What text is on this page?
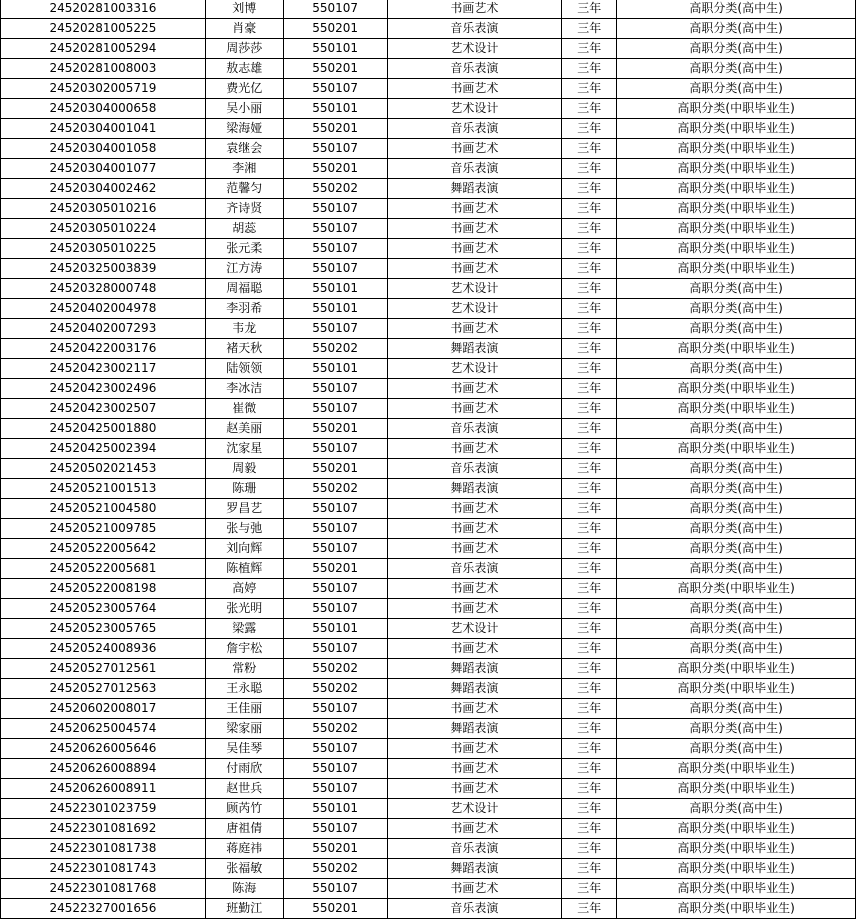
24520281003316	刘博	550107	书画艺术	三年	高职分类(高中生)
24520281005225	肖豪	550201	音乐表演	三年	高职分类(高中生)
24520281005294	周莎莎	550101	艺术设计	三年	高职分类(高中生)
24520281008003	敖志雄	550201	音乐表演	三年	高职分类(高中生)
24520302005719	费光亿	550107	书画艺术	三年	高职分类(高中生)
24520304000658	吴小丽	550101	艺术设计	三年	高职分类(中职毕业生)
24520304001041	梁海娅	550201	音乐表演	三年	高职分类(中职毕业生)
24520304001058	袁继会	550107	书画艺术	三年	高职分类(中职毕业生)
24520304001077	李湘	550201	音乐表演	三年	高职分类(中职毕业生)
24520304002462	范馨匀	550202	舞蹈表演	三年	高职分类(中职毕业生)
24520305010216	齐诗贤	550107	书画艺术	三年	高职分类(中职毕业生)
24520305010224	胡蕊	550107	书画艺术	三年	高职分类(中职毕业生)
24520305010225	张元柔	550107	书画艺术	三年	高职分类(中职毕业生)
24520325003839	江方涛	550107	书画艺术	三年	高职分类(中职毕业生)
24520328000748	周福聪	550101	艺术设计	三年	高职分类(高中生)
24520402004978	李羽希	550101	艺术设计	三年	高职分类(高中生)
24520402007293	韦龙	550107	书画艺术	三年	高职分类(高中生)
24520422003176	褚天秋	550202	舞蹈表演	三年	高职分类(中职毕业生)
24520423002117	陆领领	550101	艺术设计	三年	高职分类(高中生)
24520423002496	李冰洁	550107	书画艺术	三年	高职分类(中职毕业生)
24520423002507	崔微	550107	书画艺术	三年	高职分类(中职毕业生)
24520425001880	赵美丽	550201	音乐表演	三年	高职分类(高中生)
24520425002394	沈家星	550107	书画艺术	三年	高职分类(中职毕业生)
24520502021453	周毅	550201	音乐表演	三年	高职分类(高中生)
24520521001513	陈珊	550202	舞蹈表演	三年	高职分类(高中生)
24520521004580	罗昌艺	550107	书画艺术	三年	高职分类(高中生)
24520521009785	张与弛	550107	书画艺术	三年	高职分类(高中生)
24520522005642	刘向辉	550107	书画艺术	三年	高职分类(高中生)
24520522005681	陈植辉	550201	音乐表演	三年	高职分类(高中生)
24520522008198	高婷	550107	书画艺术	三年	高职分类(中职毕业生)
24520523005764	张光明	550107	书画艺术	三年	高职分类(高中生)
24520523005765	梁露	550101	艺术设计	三年	高职分类(高中生)
24520524008936	詹宇松	550107	书画艺术	三年	高职分类(高中生)
24520527012561	常粉	550202	舞蹈表演	三年	高职分类(中职毕业生)
24520527012563	王永聪	550202	舞蹈表演	三年	高职分类(中职毕业生)
24520602008017	王佳丽	550107	书画艺术	三年	高职分类(高中生)
24520625004574	梁家丽	550202	舞蹈表演	三年	高职分类(高中生)
24520626005646	吴佳琴	550107	书画艺术	三年	高职分类(高中生)
24520626008894	付雨欣	550107	书画艺术	三年	高职分类(中职毕业生)
24520626008911	赵世兵	550107	书画艺术	三年	高职分类(中职毕业生)
24522301023759	顾芮竹	550101	艺术设计	三年	高职分类(高中生)
24522301081692	唐祖倩	550107	书画艺术	三年	高职分类(中职毕业生)
24522301081738	蒋庭祎	550201	音乐表演	三年	高职分类(中职毕业生)
24522301081743	张福敏	550202	舞蹈表演	三年	高职分类(中职毕业生)
24522301081768	陈海	550107	书画艺术	三年	高职分类(中职毕业生)
24522327001656	班勤江	550201	音乐表演	三年	高职分类(中职毕业生)
